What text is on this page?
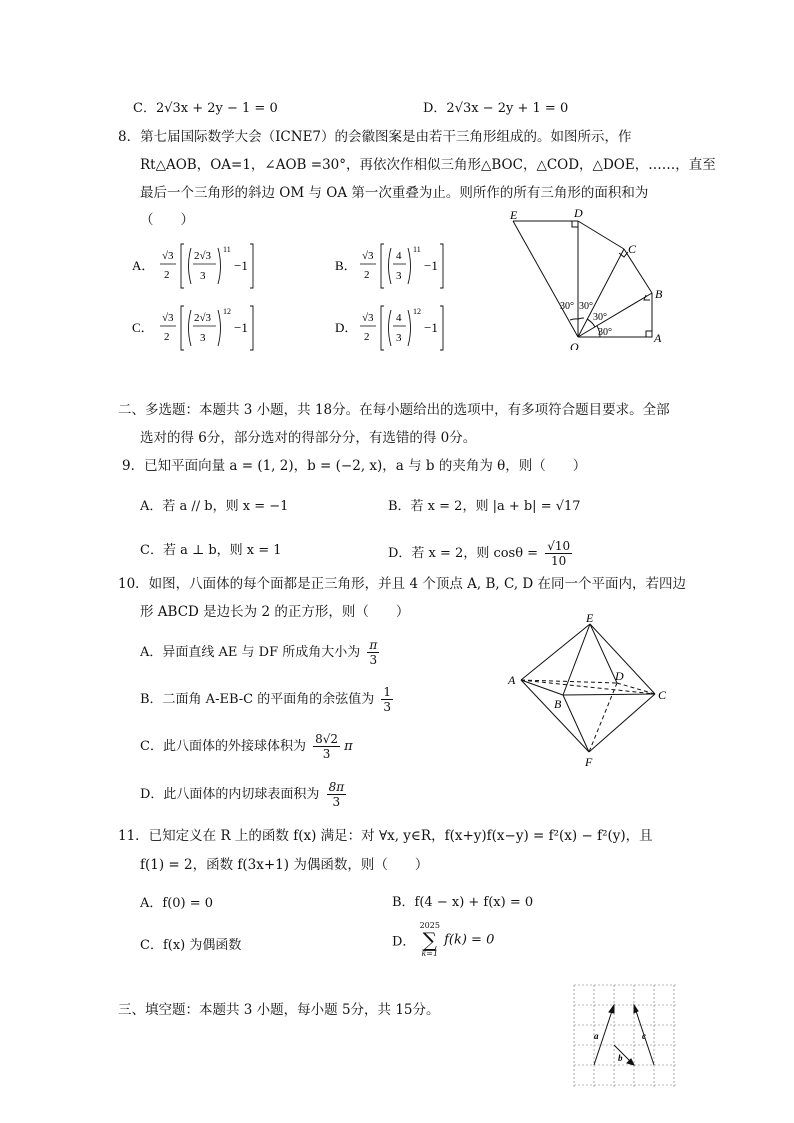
C．2√3x + 2y − 1 = 0	D．2√3x − 2y + 1 = 0
8．第七届国际数学大会（ICNE7）的会徽图案是由若干三角形组成的。如图所示，作
Rt△AOB，OA=1，∠AOB =30°，再依次作相似三角形△BOC，△COD，△DOE，……，直至
最后一个三角形的斜边 OM 与 OA 第一次重叠为止。则所作的所有三角形的面积和为
（　　）
A．
√3
2
2√3
3
11
−1	B．
√3
2
4
3
11
−1
C．
√3
2
2√3
3
12
−1	D．
√3
2
4
3
12
−1
E	D
C
B
A
O
30°
30°
30°
30°
二、多选题：本题共 3 小题，共 18分。在每小题给出的选项中，有多项符合题目要求。全部
选对的得 6分，部分选对的得部分分，有选错的得 0分。
9．已知平面向量 a = (1, 2)，b = (−2, x)，a 与 b 的夹角为 θ，则（　　）
A．若 a // b，则 x = −1	B．若 x = 2，则 |a + b| = √17
C．若 a ⊥ b，则 x = 1	D．若 x = 2，则 $\cos\theta = \frac{√10}{10}$
10．如图，八面体的每个面都是正三角形，并且 4 个顶点 A, B, C, D 在同一个平面内，若四边
形 ABCD 是边长为 2 的正方形，则（　　）
A．异面直线 AE 与 DF 所成角大小为 $\frac{\pi}{3}$
B．二面角 A-EB-C 的平面角的余弦值为 $\frac{1}{3}$
C．此八面体的外接球体积为 $\frac{8√2}{3}$ π
D．此八面体的内切球表面积为 $\frac{8\pi}{3}$
E
A	D
C
B
F
11．已知定义在 R 上的函数 f(x) 满足：对 ∀x, y∈R，f(x+y)f(x−y) = f²(x) − f²(y)，且
f(1) = 2，函数 f(3x+1) 为偶函数，则（　　）
A．f(0) = 0	B．f(4 − x) + f(x) = 0
C．f(x) 为偶函数	D．
2025
∑
k=1
f(k) = 0
三、填空题：本题共 3 小题，每小题 5分，共 15分。
a
b
c
